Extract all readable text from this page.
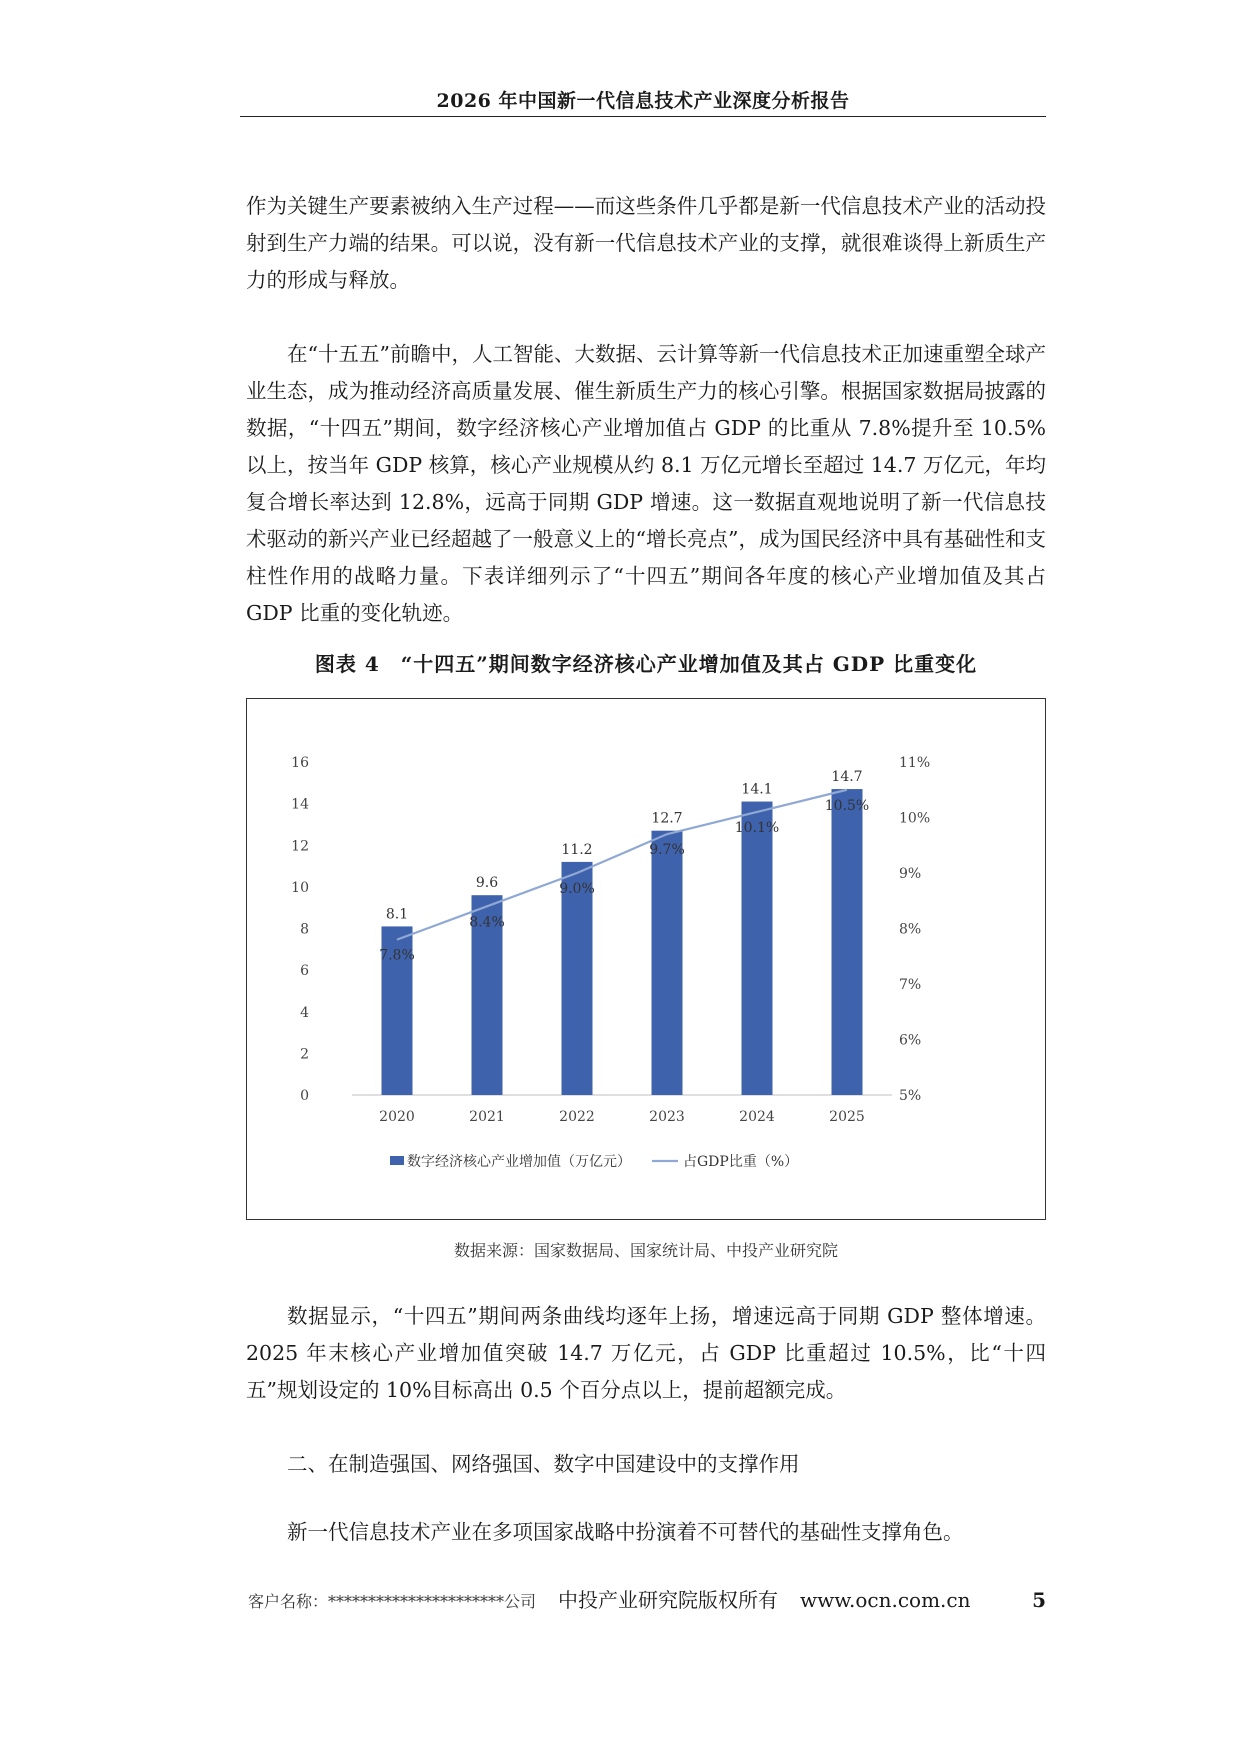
2026 年中国新一代信息技术产业深度分析报告

作为关键生产要素被纳入生产过程——而这些条件几乎都是新一代信息技术产业的活动投射到生产力端的结果。可以说，没有新一代信息技术产业的支撑，就很难谈得上新质生产力的形成与释放。

在“十五五”前瞻中，人工智能、大数据、云计算等新一代信息技术正加速重塑全球产业生态，成为推动经济高质量发展、催生新质生产力的核心引擎。根据国家数据局披露的数据，“十四五”期间，数字经济核心产业增加值占 GDP 的比重从 7.8%提升至 10.5%以上，按当年 GDP 核算，核心产业规模从约 8.1 万亿元增长至超过 14.7 万亿元，年均复合增长率达到 12.8%，远高于同期 GDP 增速。这一数据直观地说明了新一代信息技术驱动的新兴产业已经超越了一般意义上的“增长亮点”，成为国民经济中具有基础性和支柱性作用的战略力量。下表详细列示了“十四五”期间各年度的核心产业增加值及其占 GDP 比重的变化轨迹。

图表 4　“十四五”期间数字经济核心产业增加值及其占 GDP 比重变化
0
2
4
6
8
10
12
14
16
5%
6%
7%
8%
9%
10%
11%
8.1
9.6
11.2
12.7
14.1
14.7
2020	2021	2022	2023	2024	2025
7.8%
8.4%
9.0%
9.7%
10.1%
10.5%
数字经济核心产业增加值（万亿元）	占GDP比重（%）
数据来源：国家数据局、国家统计局、中投产业研究院

数据显示，“十四五”期间两条曲线均逐年上扬，增速远高于同期 GDP 整体增速。2025 年末核心产业增加值突破 14.7 万亿元，占 GDP 比重超过 10.5%，比“十四五”规划设定的 10%目标高出 0.5 个百分点以上，提前超额完成。

二、在制造强国、网络强国、数字中国建设中的支撑作用

新一代信息技术产业在多项国家战略中扮演着不可替代的基础性支撑角色。

客户名称：**********************公司 中投产业研究院版权所有 www.ocn.com.cn	5
